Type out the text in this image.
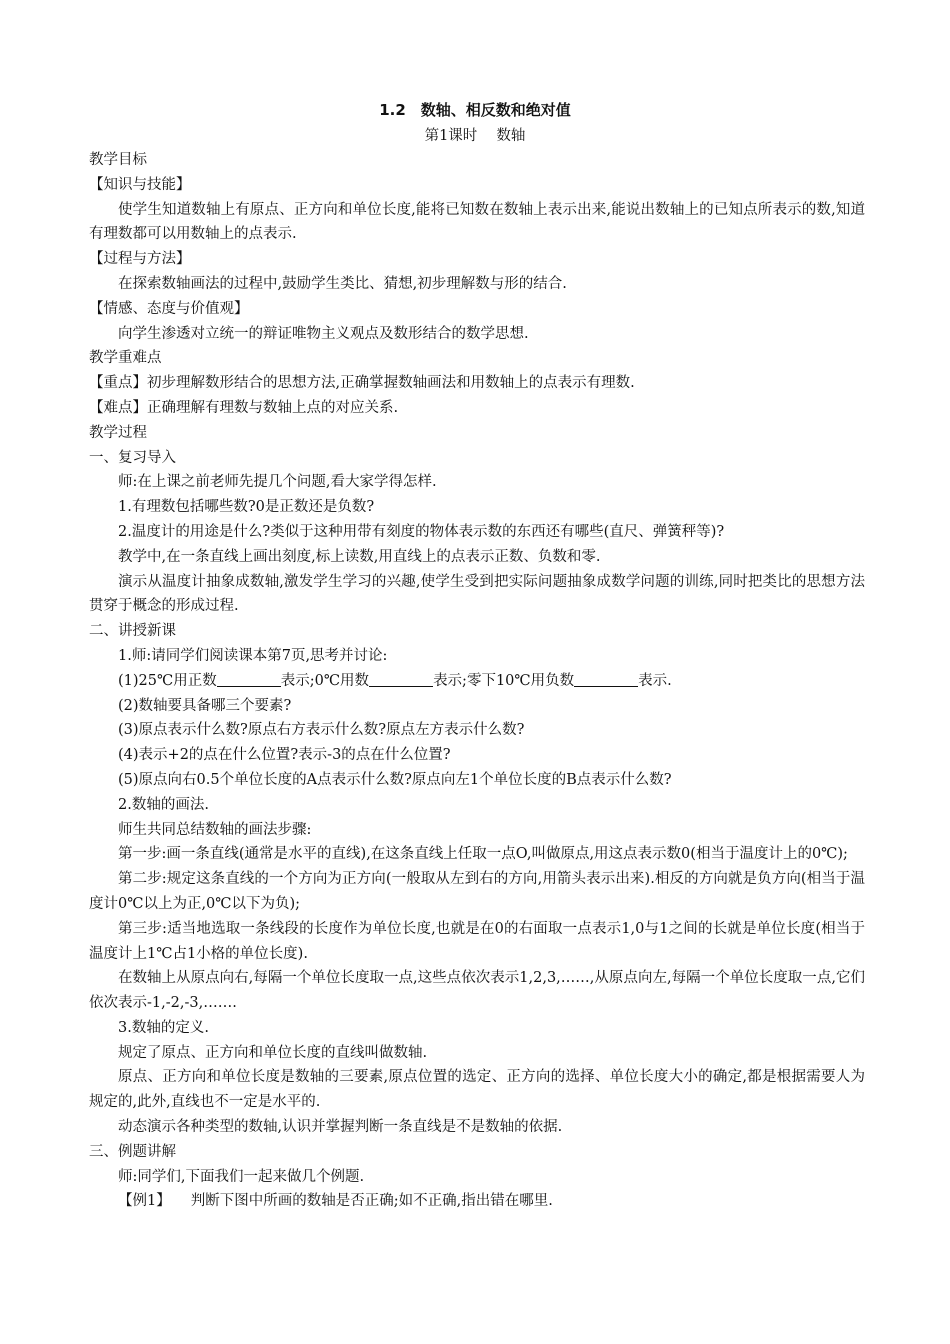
1.2　数轴、相反数和绝对值
第1课时　 数轴

教学目标

【知识与技能】

使学生知道数轴上有原点、正方向和单位长度,能将已知数在数轴上表示出来,能说出数轴上的已知点所表示的数,知道有理数都可以用数轴上的点表示.

【过程与方法】

在探索数轴画法的过程中,鼓励学生类比、猜想,初步理解数与形的结合.

【情感、态度与价值观】

向学生渗透对立统一的辩证唯物主义观点及数形结合的数学思想.

教学重难点

【重点】初步理解数形结合的思想方法,正确掌握数轴画法和用数轴上的点表示有理数.

【难点】正确理解有理数与数轴上点的对应关系.

教学过程

一、复习导入

师:在上课之前老师先提几个问题,看大家学得怎样.

1.有理数包括哪些数?0是正数还是负数?

2.温度计的用途是什么?类似于这种用带有刻度的物体表示数的东西还有哪些(直尺、弹簧秤等)?

教学中,在一条直线上画出刻度,标上读数,用直线上的点表示正数、负数和零.

演示从温度计抽象成数轴,激发学生学习的兴趣,使学生受到把实际问题抽象成数学问题的训练,同时把类比的思想方法贯穿于概念的形成过程.

二、讲授新课

1.师:请同学们阅读课本第7页,思考并讨论:

(1)25℃用正数	表示;0℃用数	表示;零下10℃用负数	表示.

(2)数轴要具备哪三个要素?

(3)原点表示什么数?原点右方表示什么数?原点左方表示什么数?

(4)表示+2的点在什么位置?表示-3的点在什么位置?

(5)原点向右0.5个单位长度的A点表示什么数?原点向左1个单位长度的B点表示什么数?

2.数轴的画法.

师生共同总结数轴的画法步骤:

第一步:画一条直线(通常是水平的直线),在这条直线上任取一点O,叫做原点,用这点表示数0(相当于温度计上的0℃);

第二步:规定这条直线的一个方向为正方向(一般取从左到右的方向,用箭头表示出来).相反的方向就是负方向(相当于温度计0℃以上为正,0℃以下为负);

第三步:适当地选取一条线段的长度作为单位长度,也就是在0的右面取一点表示1,0与1之间的长就是单位长度(相当于温度计上1℃占1小格的单位长度).

在数轴上从原点向右,每隔一个单位长度取一点,这些点依次表示1,2,3,……,从原点向左,每隔一个单位长度取一点,它们依次表示-1,-2,-3,…….

3.数轴的定义.

规定了原点、正方向和单位长度的直线叫做数轴.

原点、正方向和单位长度是数轴的三要素,原点位置的选定、正方向的选择、单位长度大小的确定,都是根据需要人为规定的,此外,直线也不一定是水平的.

动态演示各种类型的数轴,认识并掌握判断一条直线是不是数轴的依据.

三、例题讲解

师:同学们,下面我们一起来做几个例题.

【例1】 判断下图中所画的数轴是否正确;如不正确,指出错在哪里.
